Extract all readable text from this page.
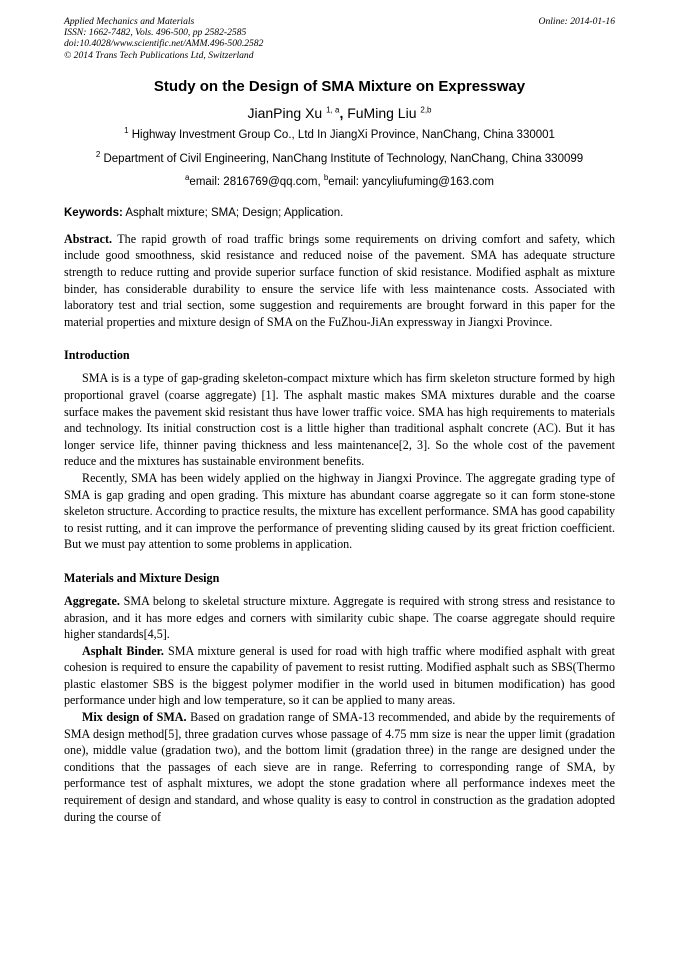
Applied Mechanics and Materials
ISSN: 1662-7482, Vols. 496-500, pp 2582-2585
doi:10.4028/www.scientific.net/AMM.496-500.2582
© 2014 Trans Tech Publications Ltd, Switzerland
Online: 2014-01-16
Study on the Design of SMA Mixture on Expressway
JianPing Xu $^{1, a}$, FuMing Liu $^{2,b}$
$^1$ Highway Investment Group Co., Ltd In JiangXi Province, NanChang, China 330001
$^2$ Department of Civil Engineering, NanChang Institute of Technology, NanChang, China 330099
$^a$email: 2816769@qq.com, $^b$email: yancyliufuming@163.com
Keywords: Asphalt mixture; SMA; Design; Application.

Abstract. The rapid growth of road traffic brings some requirements on driving comfort and safety, which include good smoothness, skid resistance and reduced noise of the pavement. SMA has adequate structure strength to reduce rutting and provide superior surface function of skid resistance. Modified asphalt as mixture binder, has considerable durability to ensure the service life with less maintenance costs. Associated with laboratory test and trial section, some suggestion and requirements are brought forward in this paper for the material properties and mixture design of SMA on the FuZhou-JiAn expressway in Jiangxi Province.

Introduction

SMA is is a type of gap-grading skeleton-compact mixture which has firm skeleton structure formed by high proportional gravel (coarse aggregate) [1]. The asphalt mastic makes SMA mixtures durable and the coarse surface makes the pavement skid resistant thus have lower traffic voice. SMA has high requirements to materials and technology. Its initial construction cost is a little higher than traditional asphalt concrete (AC). But it has longer service life, thinner paving thickness and less maintenance[2, 3]. So the whole cost of the pavement reduce and the mixtures has sustainable environment benefits.

Recently, SMA has been widely applied on the highway in Jiangxi Province. The aggregate grading type of SMA is gap grading and open grading. This mixture has abundant coarse aggregate so it can form stone-stone skeleton structure. According to practice results, the mixture has excellent performance. SMA has good capability to resist rutting, and it can improve the performance of preventing sliding caused by its great friction coefficient. But we must pay attention to some problems in application.

Materials and Mixture Design

Aggregate. SMA belong to skeletal structure mixture. Aggregate is required with strong stress and resistance to abrasion, and it has more edges and corners with similarity cubic shape. The coarse aggregate should require higher standards[4,5].

Asphalt Binder. SMA mixture general is used for road with high traffic where modified asphalt with great cohesion is required to ensure the capability of pavement to resist rutting. Modified asphalt such as SBS(Thermo plastic elastomer SBS is the biggest polymer modifier in the world used in bitumen modification) has good performance under high and low temperature, so it can be applied to many areas.

Mix design of SMA. Based on gradation range of SMA-13 recommended, and abide by the requirements of SMA design method[5], three gradation curves whose passage of 4.75 mm size is near the upper limit (gradation one), middle value (gradation two), and the bottom limit (gradation three) in the range are designed under the conditions that the passages of each sieve are in range. Referring to corresponding range of SMA, by performance test of asphalt mixtures, we adopt the stone gradation where all performance indexes meet the requirement of design and standard, and whose quality is easy to control in construction as the gradation adopted during the course of
